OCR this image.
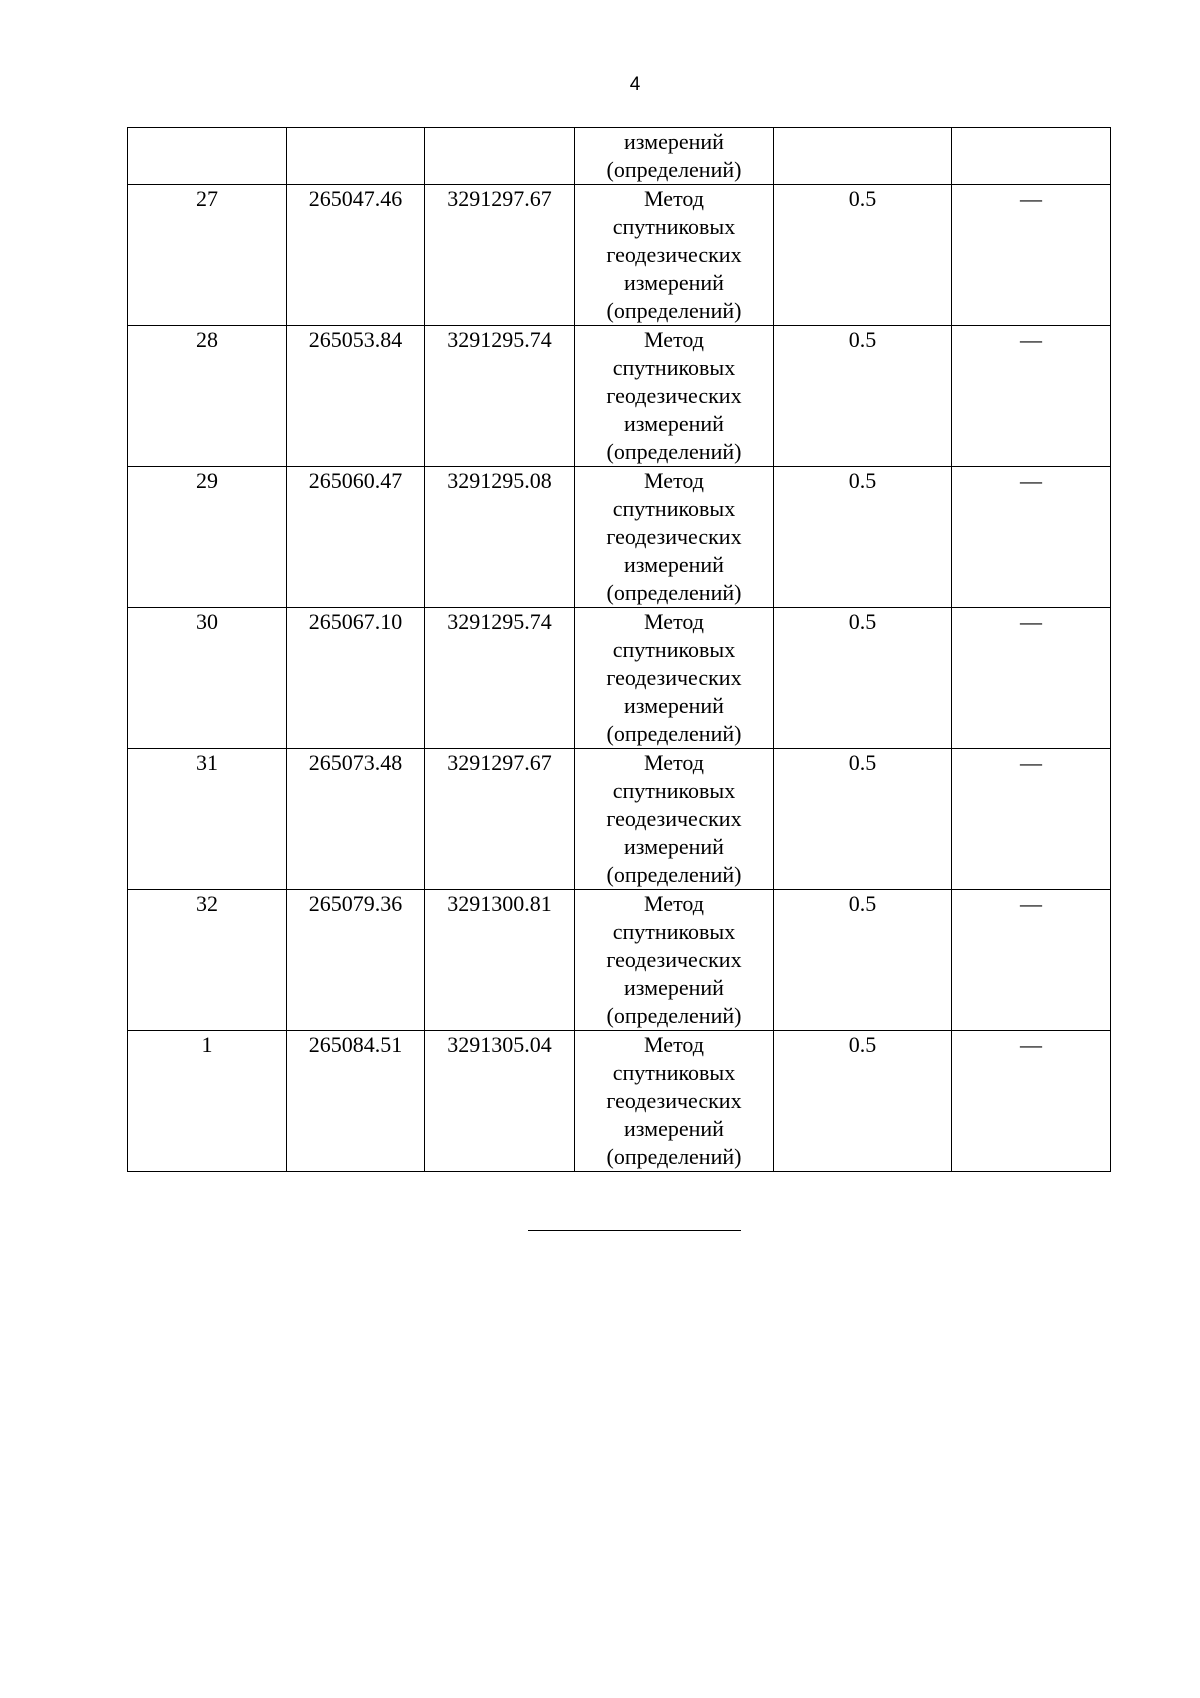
4
			измерений
(определений)		
27	265047.46	3291297.67	Метод
спутниковых
геодезических
измерений
(определений)	0.5	—
28	265053.84	3291295.74	Метод
спутниковых
геодезических
измерений
(определений)	0.5	—
29	265060.47	3291295.08	Метод
спутниковых
геодезических
измерений
(определений)	0.5	—
30	265067.10	3291295.74	Метод
спутниковых
геодезических
измерений
(определений)	0.5	—
31	265073.48	3291297.67	Метод
спутниковых
геодезических
измерений
(определений)	0.5	—
32	265079.36	3291300.81	Метод
спутниковых
геодезических
измерений
(определений)	0.5	—
1	265084.51	3291305.04	Метод
спутниковых
геодезических
измерений
(определений)	0.5	—
